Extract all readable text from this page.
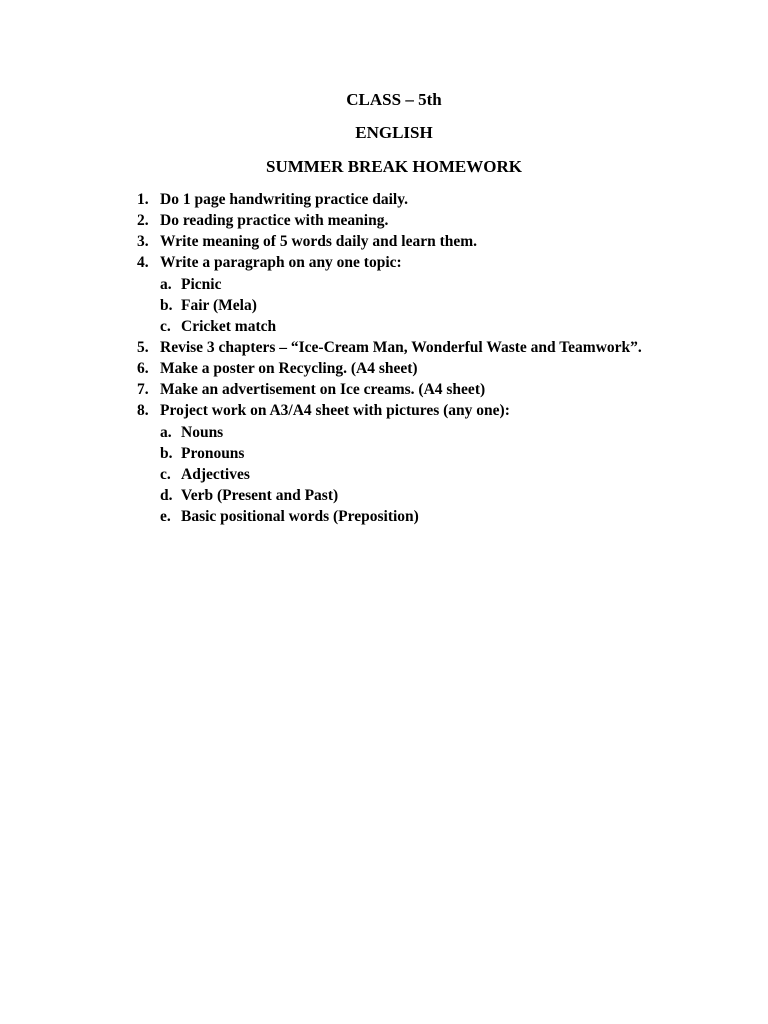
CLASS – 5th
ENGLISH
SUMMER BREAK HOMEWORK
1. Do 1 page handwriting practice daily.
2. Do reading practice with meaning.
3. Write meaning of 5 words daily and learn them.
4. Write a paragraph on any one topic:
a. Picnic
b. Fair (Mela)
c. Cricket match
5. Revise 3 chapters – “Ice-Cream Man, Wonderful Waste and Teamwork”.
6. Make a poster on Recycling. (A4 sheet)
7. Make an advertisement on Ice creams. (A4 sheet)
8. Project work on A3/A4 sheet with pictures (any one):
a. Nouns
b. Pronouns
c. Adjectives
d. Verb (Present and Past)
e. Basic positional words (Preposition)
